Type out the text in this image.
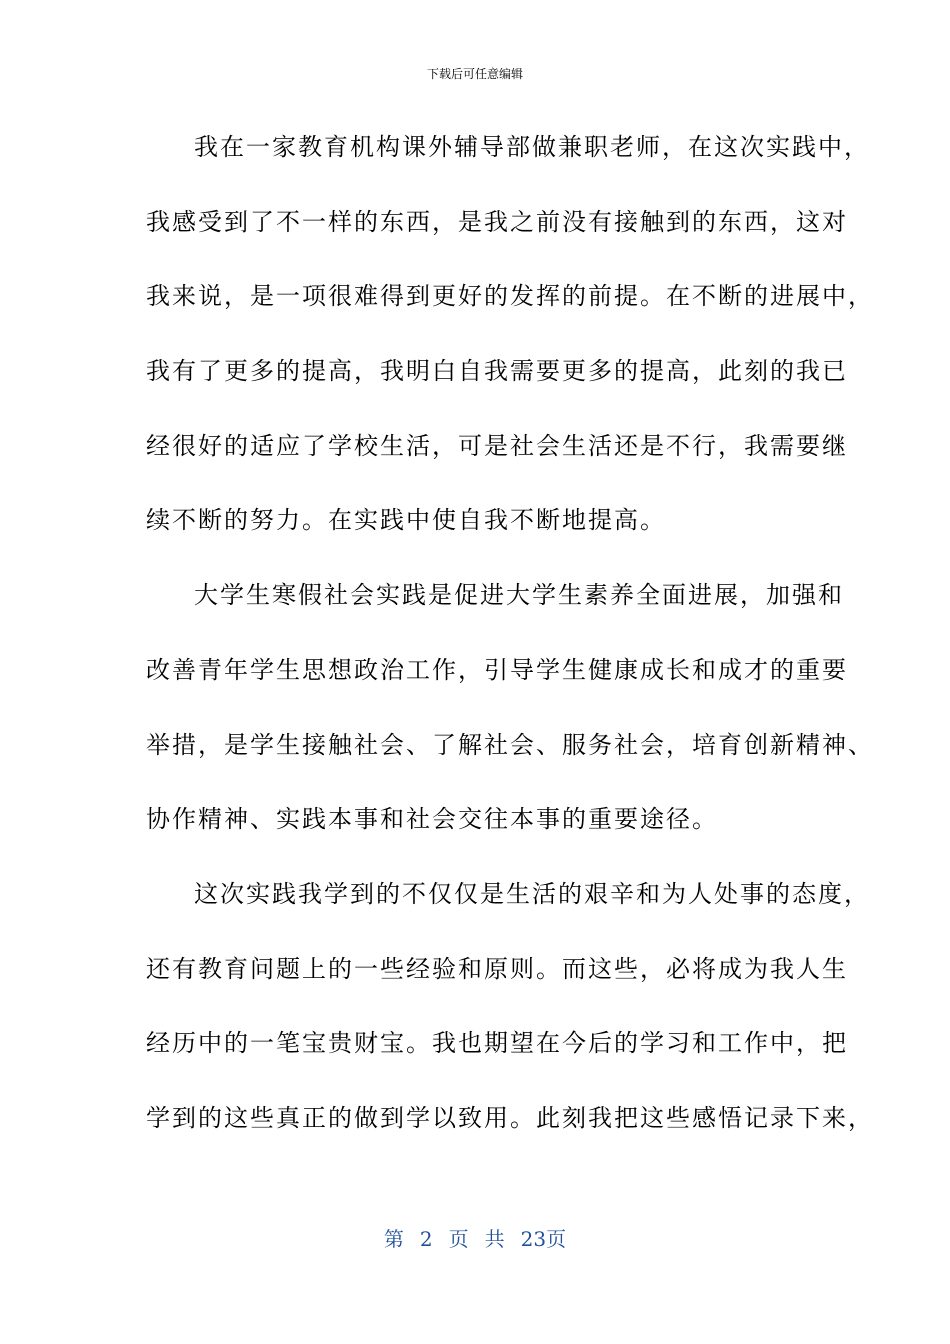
下载后可任意编辑
我在一家教育机构课外辅导部做兼职老师，在这次实践中，
我感受到了不一样的东西，是我之前没有接触到的东西，这对
我来说，是一项很难得到更好的发挥的前提。在不断的进展中，
我有了更多的提高，我明白自我需要更多的提高，此刻的我已
经很好的适应了学校生活，可是社会生活还是不行，我需要继
续不断的努力。在实践中使自我不断地提高。
大学生寒假社会实践是促进大学生素养全面进展，加强和
改善青年学生思想政治工作，引导学生健康成长和成才的重要
举措，是学生接触社会、了解社会、服务社会，培育创新精神、
协作精神、实践本事和社会交往本事的重要途径。
这次实践我学到的不仅仅是生活的艰辛和为人处事的态度，
还有教育问题上的一些经验和原则。而这些，必将成为我人生
经历中的一笔宝贵财宝。我也期望在今后的学习和工作中，把
学到的这些真正的做到学以致用。此刻我把这些感悟记录下来，
第 2 页 共 23页
